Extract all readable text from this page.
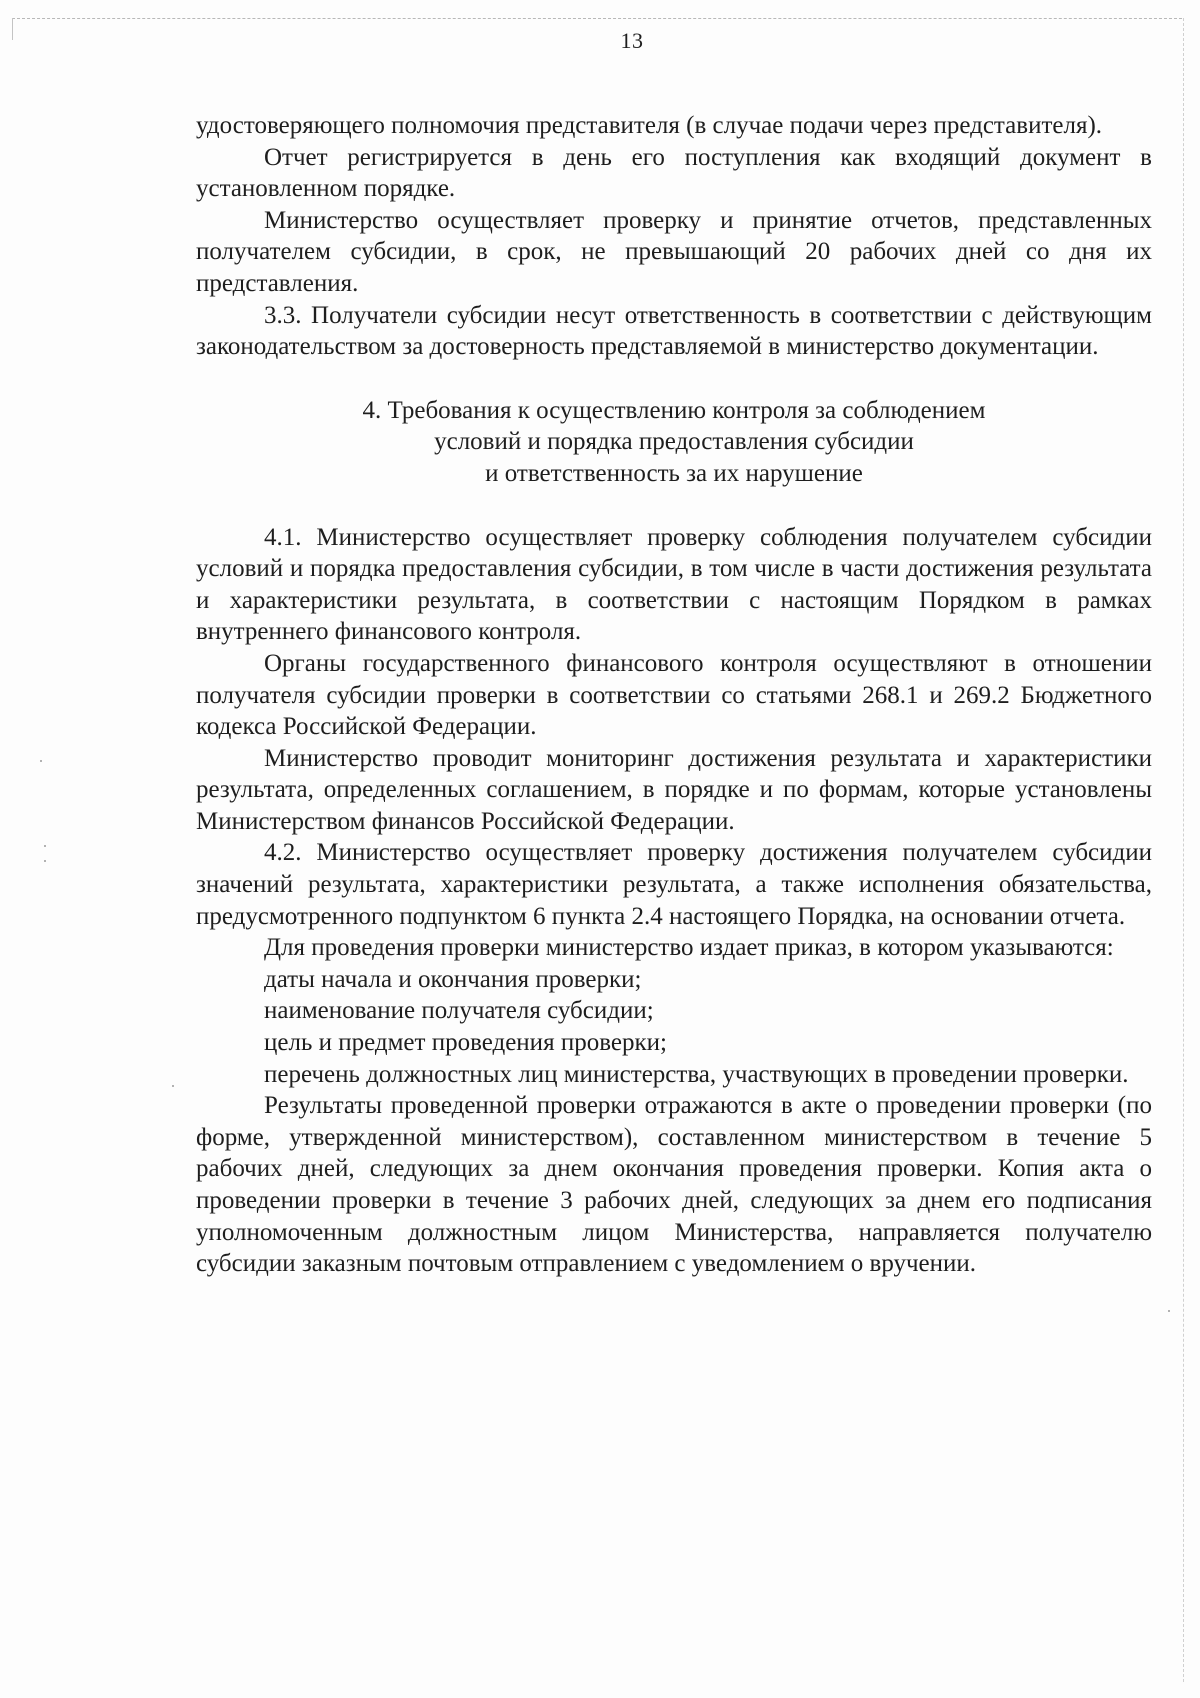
13

удостоверяющего полномочия представителя (в случае подачи через представителя).

Отчет регистрируется в день его поступления как входящий документ в установленном порядке.

Министерство осуществляет проверку и принятие отчетов, представленных получателем субсидии, в срок, не превышающий 20 рабочих дней со дня их представления.

3.3. Получатели субсидии несут ответственность в соответствии с действующим законодательством за достоверность представляемой в министерство документации.

4. Требования к осуществлению контроля за соблюдением
условий и порядка предоставления субсидии
и ответственность за их нарушение

4.1. Министерство осуществляет проверку соблюдения получателем субсидии условий и порядка предоставления субсидии, в том числе в части достижения результата и характеристики результата, в соответствии с настоящим Порядком в рамках внутреннего финансового контроля.

Органы государственного финансового контроля осуществляют в отношении получателя субсидии проверки в соответствии со статьями 268.1 и 269.2 Бюджетного кодекса Российской Федерации.

Министерство проводит мониторинг достижения результата и характеристики результата, определенных соглашением, в порядке и по формам, которые установлены Министерством финансов Российской Федерации.

4.2. Министерство осуществляет проверку достижения получателем субсидии значений результата, характеристики результата, а также исполнения обязательства, предусмотренного подпунктом 6 пункта 2.4 настоящего Порядка, на основании отчета.

Для проведения проверки министерство издает приказ, в котором указываются:

даты начала и окончания проверки;

наименование получателя субсидии;

цель и предмет проведения проверки;

перечень должностных лиц министерства, участвующих в проведении проверки.

Результаты проведенной проверки отражаются в акте о проведении проверки (по форме, утвержденной министерством), составленном министерством в течение 5 рабочих дней, следующих за днем окончания проведения проверки. Копия акта о проведении проверки в течение 3 рабочих дней, следующих за днем его подписания уполномоченным должностным лицом Министерства, направляется получателю субсидии заказным почтовым отправлением с уведомлением о вручении.
